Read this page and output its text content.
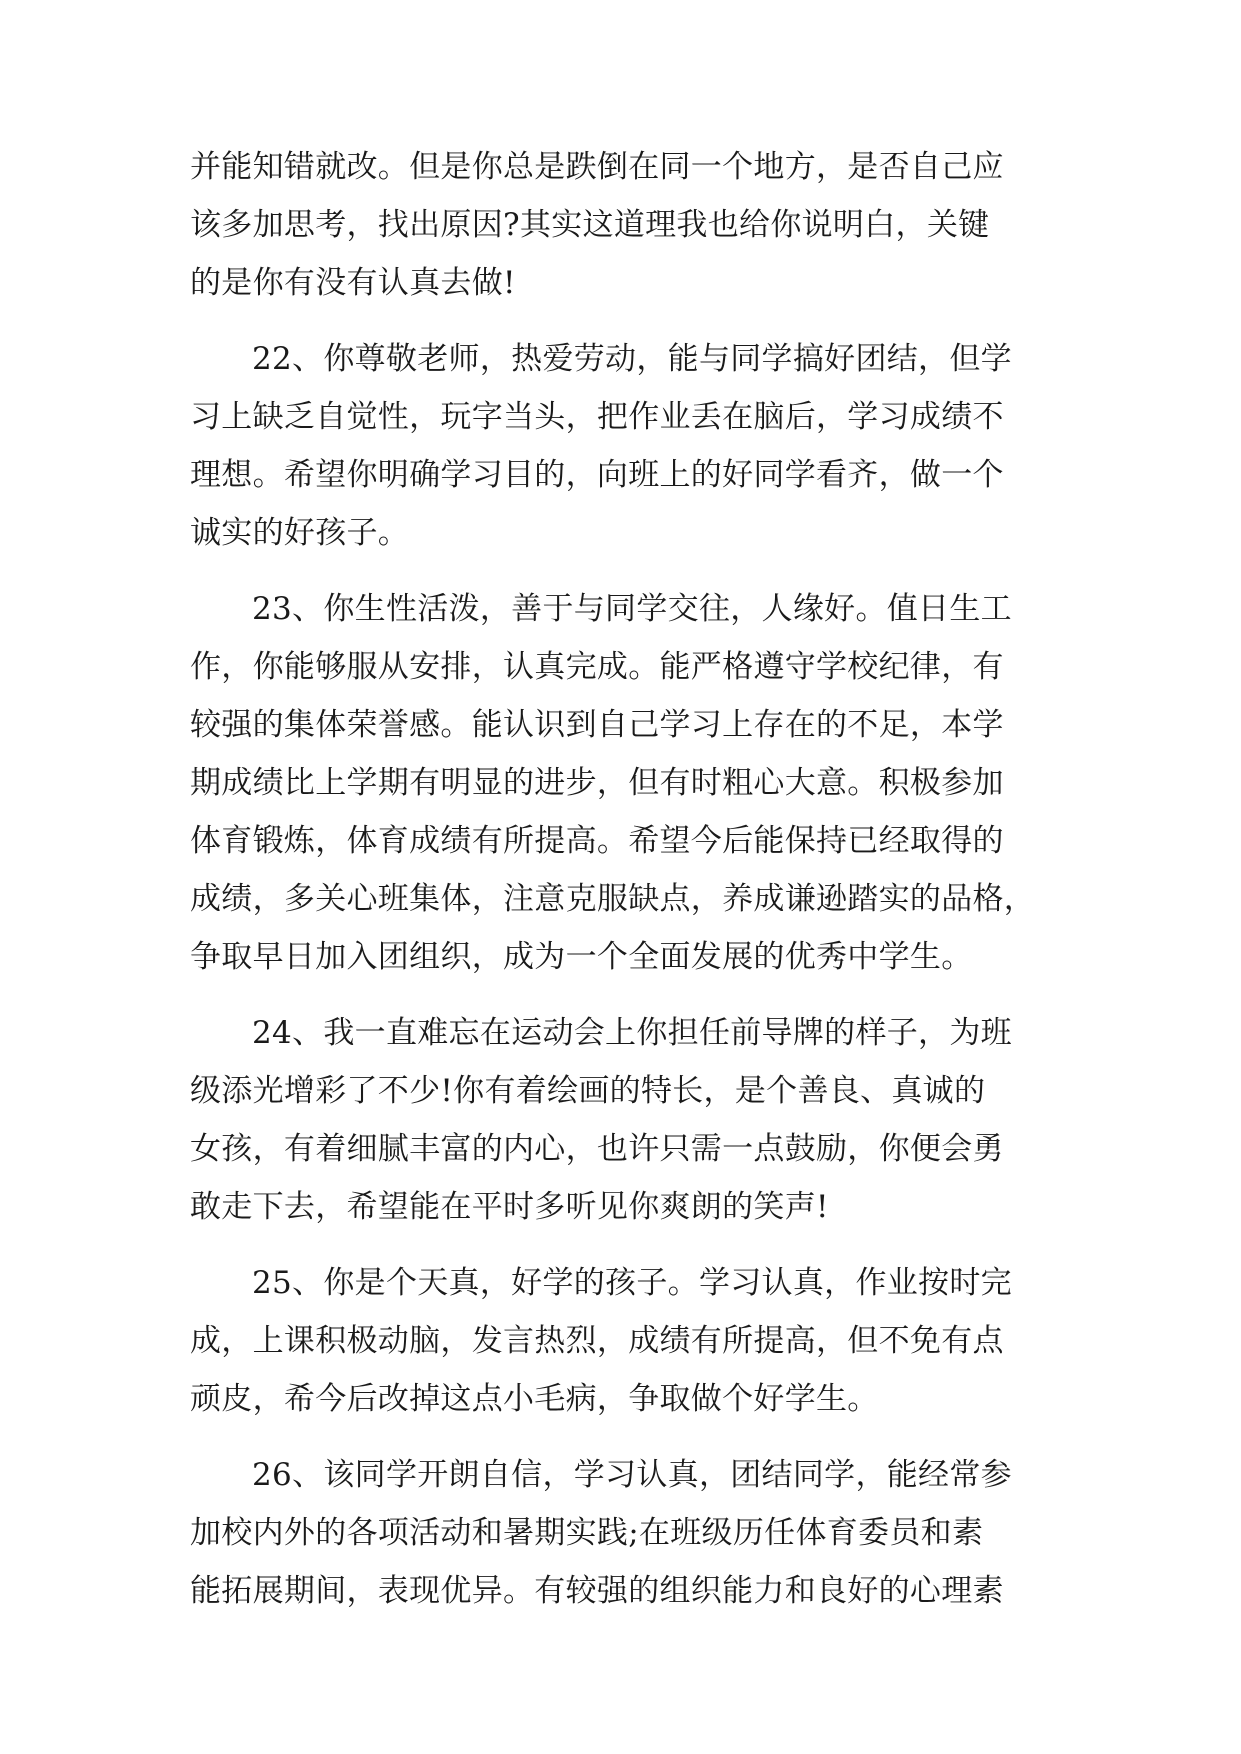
并能知错就改。但是你总是跌倒在同一个地方，是否自己应
该多加思考，找出原因?其实这道理我也给你说明白，关键
的是你有没有认真去做!
22、你尊敬老师，热爱劳动，能与同学搞好团结，但学
习上缺乏自觉性，玩字当头，把作业丢在脑后，学习成绩不
理想。希望你明确学习目的，向班上的好同学看齐，做一个
诚实的好孩子。
23、你生性活泼，善于与同学交往，人缘好。值日生工
作，你能够服从安排，认真完成。能严格遵守学校纪律，有
较强的集体荣誉感。能认识到自己学习上存在的不足，本学
期成绩比上学期有明显的进步，但有时粗心大意。积极参加
体育锻炼，体育成绩有所提高。希望今后能保持已经取得的
成绩，多关心班集体，注意克服缺点，养成谦逊踏实的品格，
争取早日加入团组织，成为一个全面发展的优秀中学生。
24、我一直难忘在运动会上你担任前导牌的样子，为班
级添光增彩了不少!你有着绘画的特长，是个善良、真诚的
女孩，有着细腻丰富的内心，也许只需一点鼓励，你便会勇
敢走下去，希望能在平时多听见你爽朗的笑声!
25、你是个天真，好学的孩子。学习认真，作业按时完
成，上课积极动脑，发言热烈，成绩有所提高，但不免有点
顽皮，希今后改掉这点小毛病，争取做个好学生。
26、该同学开朗自信，学习认真，团结同学，能经常参
加校内外的各项活动和暑期实践;在班级历任体育委员和素
能拓展期间，表现优异。有较强的组织能力和良好的心理素
